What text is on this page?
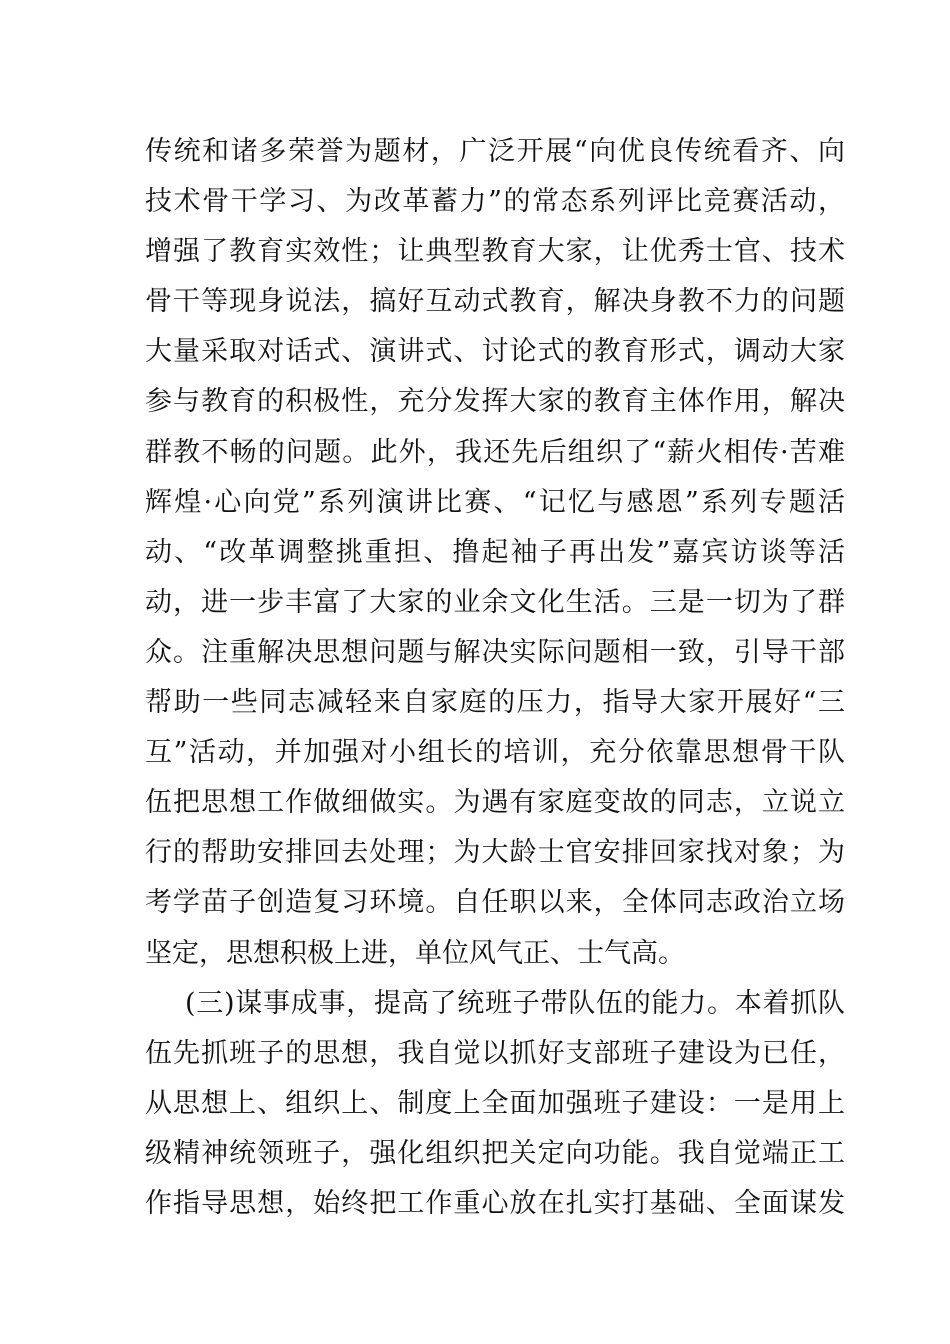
传统和诸多荣誉为题材，广泛开展“向优良传统看齐、向
技术骨干学习、为改革蓄力”的常态系列评比竞赛活动，
增强了教育实效性；让典型教育大家，让优秀士官、技术
骨干等现身说法，搞好互动式教育，解决身教不力的问题
大量采取对话式、演讲式、讨论式的教育形式，调动大家
参与教育的积极性，充分发挥大家的教育主体作用，解决
群教不畅的问题。此外，我还先后组织了“薪火相传·苦难
辉煌·心向党”系列演讲比赛、“记忆与感恩”系列专题活
动、“改革调整挑重担、撸起袖子再出发”嘉宾访谈等活
动，进一步丰富了大家的业余文化生活。三是一切为了群
众。注重解决思想问题与解决实际问题相一致，引导干部
帮助一些同志减轻来自家庭的压力，指导大家开展好“三
互”活动，并加强对小组长的培训，充分依靠思想骨干队
伍把思想工作做细做实。为遇有家庭变故的同志，立说立
行的帮助安排回去处理；为大龄士官安排回家找对象；为
考学苗子创造复习环境。自任职以来，全体同志政治立场
坚定，思想积极上进，单位风气正、士气高。
(三)谋事成事，提高了统班子带队伍的能力。本着抓队
伍先抓班子的思想，我自觉以抓好支部班子建设为已任，
从思想上、组织上、制度上全面加强班子建设：一是用上
级精神统领班子，强化组织把关定向功能。我自觉端正工
作指导思想，始终把工作重心放在扎实打基础、全面谋发
